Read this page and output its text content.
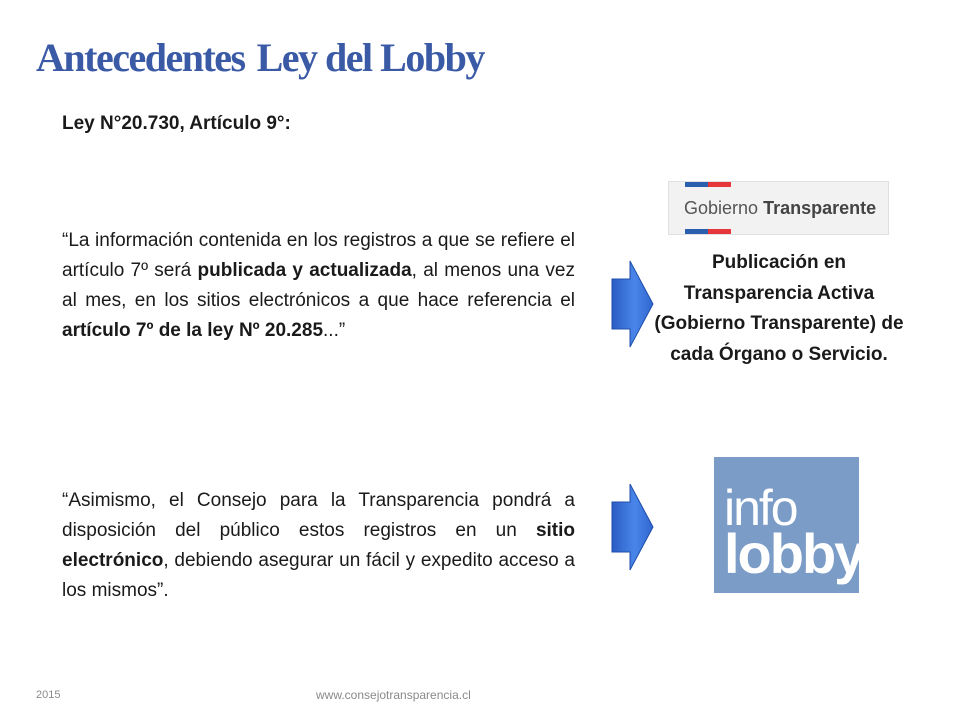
Antecedentes Ley del Lobby
Ley N°20.730, Artículo 9°:

“La información contenida en los registros a que se refiere el artículo 7º será publicada y actualizada, al menos una vez al mes, en los sitios electrónicos a que hace referencia el artículo 7º de la ley Nº 20.285...”

“Asimismo, el Consejo para la Transparencia pondrá a disposición del público estos registros en un sitio electrónico, debiendo asegurar un fácil y expedito acceso a los mismos”.

Gobierno Transparente

Publicación en Transparencia Activa (Gobierno Transparente) de cada Órgano o Servicio.

info
lobby
2015	www.consejotransparencia.cl
